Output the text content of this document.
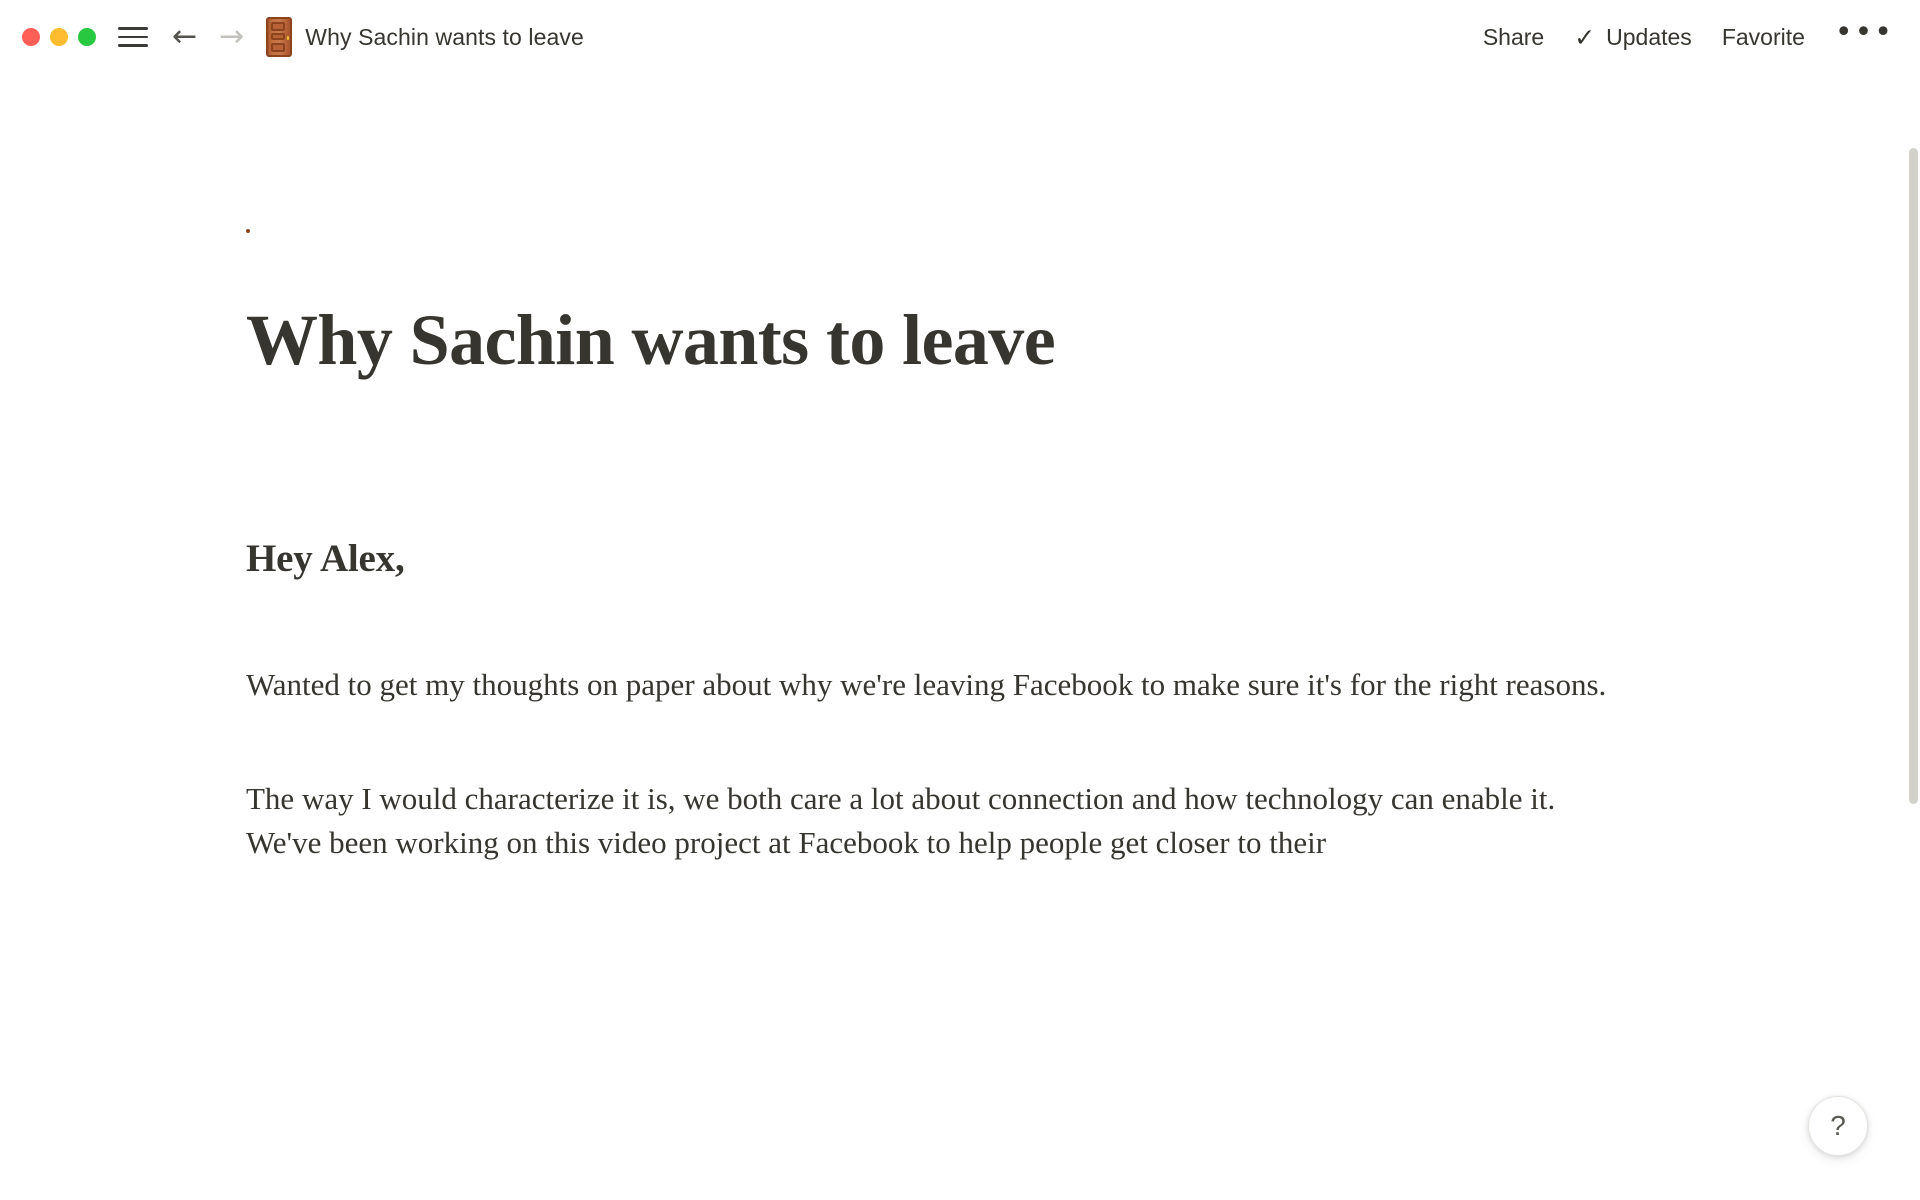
← →	Why Sachin wants to leave	Share ✓ Updates Favorite •••
Why Sachin wants to leave
Hey Alex,

Wanted to get my thoughts on paper about why we're leaving Facebook to make sure it's for the right reasons.

The way I would characterize it is, we both care a lot about connection and how technology can enable it. We've been working on this video project at Facebook to help people get closer to their

?
